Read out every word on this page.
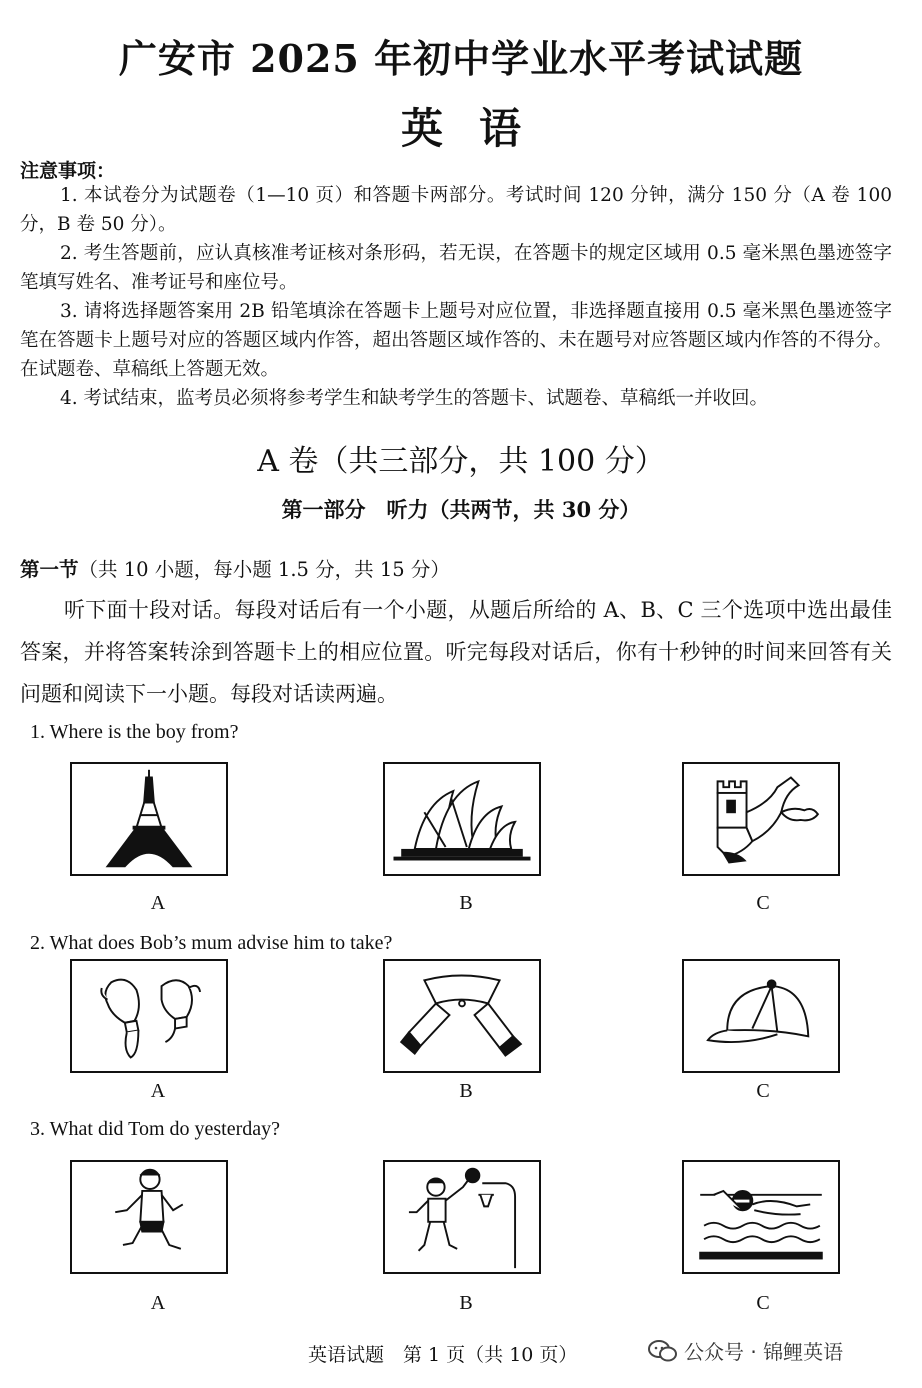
广安市 2025 年初中学业水平考试试题
英语
注意事项：

1. 本试卷分为试题卷（1—10 页）和答题卡两部分。考试时间 120 分钟，满分 150 分（A 卷 100 分，B 卷 50 分）。

2. 考生答题前，应认真核准考证核对条形码，若无误，在答题卡的规定区域用 0.5 毫米黑色墨迹签字笔填写姓名、准考证号和座位号。

3. 请将选择题答案用 2B 铅笔填涂在答题卡上题号对应位置，非选择题直接用 0.5 毫米黑色墨迹签字笔在答题卡上题号对应的答题区域内作答，超出答题区域作答的、未在题号对应答题区域内作答的不得分。在试题卷、草稿纸上答题无效。

4. 考试结束，监考员必须将参考学生和缺考学生的答题卡、试题卷、草稿纸一并收回。

A 卷（共三部分，共 100 分）
第一部分　听力（共两节，共 30 分）
第一节（共 10 小题，每小题 1.5 分，共 15 分）

听下面十段对话。每段对话后有一个小题，从题后所给的 A、B、C 三个选项中选出最佳答案，并将答案转涂到答题卡上的相应位置。听完每段对话后，你有十秒钟的时间来回答有关问题和阅读下一小题。每段对话读两遍。

1. Where is the boy from?
A	B	C
2. What does Bob’s mum advise him to take?
A	B	C
3. What did Tom do yesterday?
A	B	C
英语试题　第 1 页（共 10 页）	公众号 · 锦鲤英语
